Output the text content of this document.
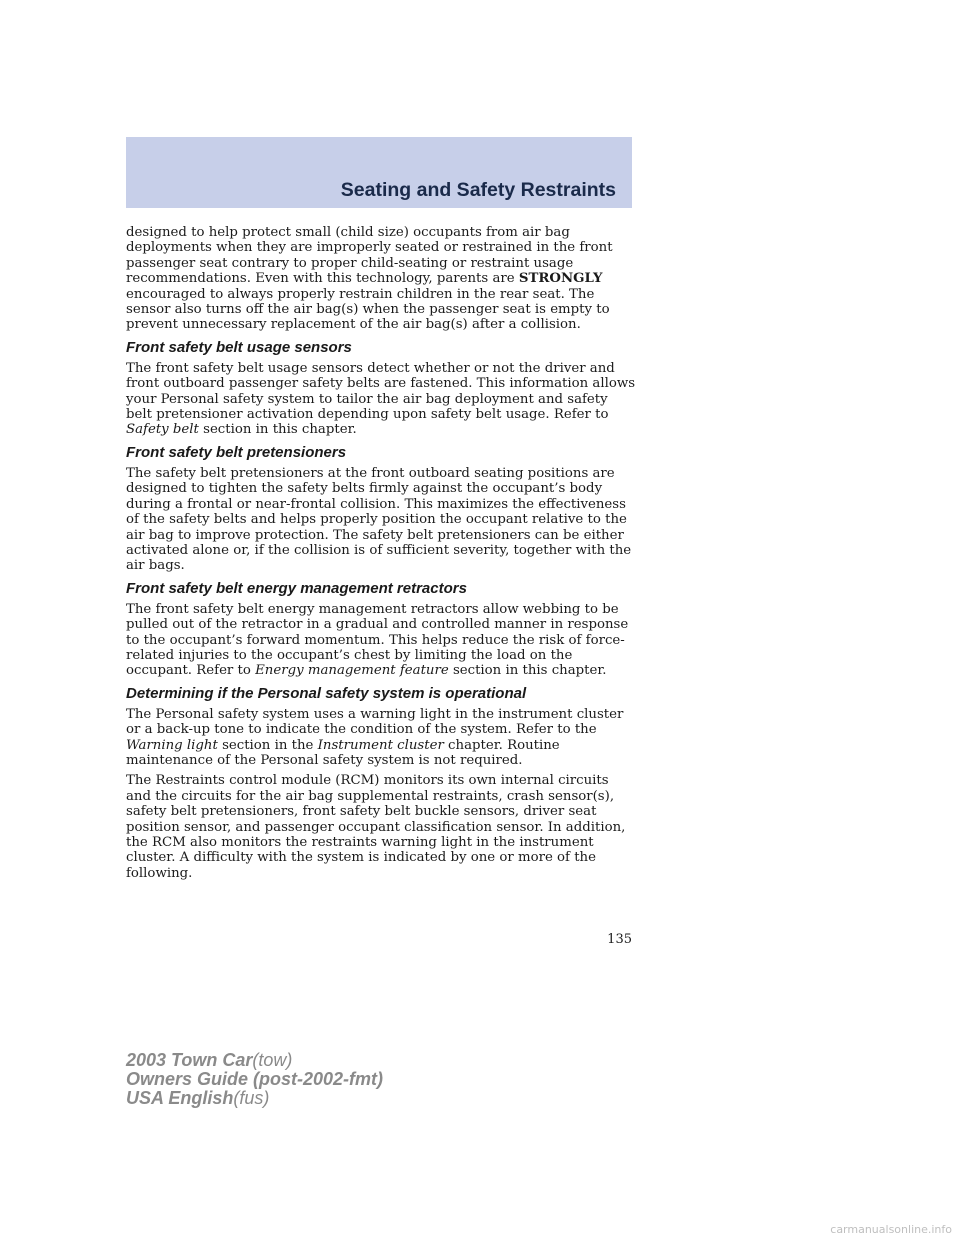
Seating and Safety Restraints

designed to help protect small (child size) occupants from air bag deployments when they are improperly seated or restrained in the front passenger seat contrary to proper child-seating or restraint usage recommendations. Even with this technology, parents are STRONGLY encouraged to always properly restrain children in the rear seat. The sensor also turns off the air bag(s) when the passenger seat is empty to prevent unnecessary replacement of the air bag(s) after a collision.

Front safety belt usage sensors

The front safety belt usage sensors detect whether or not the driver and front outboard passenger safety belts are fastened. This information allows your Personal safety system to tailor the air bag deployment and safety belt pretensioner activation depending upon safety belt usage. Refer to Safety belt section in this chapter.

Front safety belt pretensioners

The safety belt pretensioners at the front outboard seating positions are designed to tighten the safety belts firmly against the occupant’s body during a frontal or near-frontal collision. This maximizes the effectiveness of the safety belts and helps properly position the occupant relative to the air bag to improve protection. The safety belt pretensioners can be either activated alone or, if the collision is of sufficient severity, together with the air bags.

Front safety belt energy management retractors

The front safety belt energy management retractors allow webbing to be pulled out of the retractor in a gradual and controlled manner in response to the occupant’s forward momentum. This helps reduce the risk of force-related injuries to the occupant’s chest by limiting the load on the occupant. Refer to Energy management feature section in this chapter.

Determining if the Personal safety system is operational

The Personal safety system uses a warning light in the instrument cluster or a back-up tone to indicate the condition of the system. Refer to the Warning light section in the Instrument cluster chapter. Routine maintenance of the Personal safety system is not required.

The Restraints control module (RCM) monitors its own internal circuits and the circuits for the air bag supplemental restraints, crash sensor(s), safety belt pretensioners, front safety belt buckle sensors, driver seat position sensor, and passenger occupant classification sensor. In addition, the RCM also monitors the restraints warning light in the instrument cluster. A difficulty with the system is indicated by one or more of the following.

135
2003 Town Car(tow)
Owners Guide (post-2002-fmt)
USA English(fus)
carmanualsonline.info
